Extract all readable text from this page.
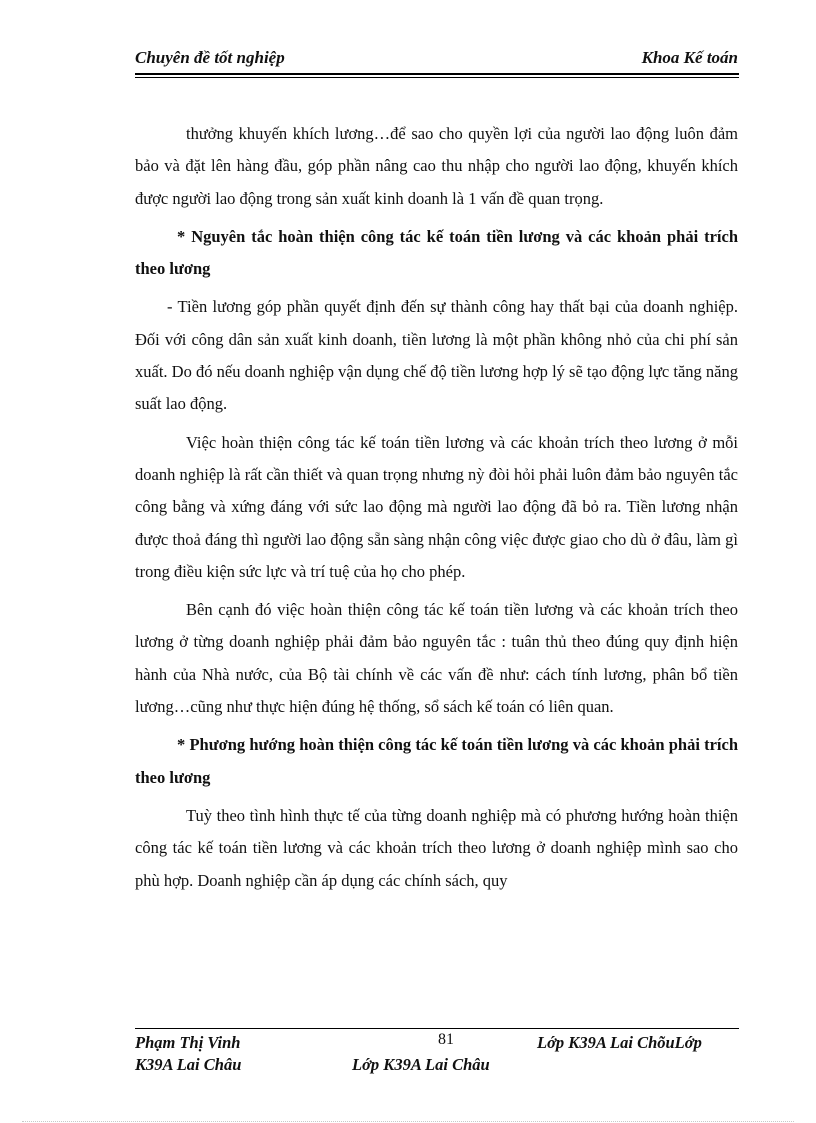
Chuyên đề tốt nghiệp	Khoa Kế toán

thưởng khuyến khích lương…để sao cho quyền lợi của người lao động luôn đảm bảo và đặt lên hàng đầu, góp phần nâng cao thu nhập cho người lao động, khuyến khích được người lao động trong sản xuất kinh doanh là 1 vấn đề quan trọng.

* Nguyên tắc hoàn thiện công tác kế toán tiền lương và các khoản phải trích theo lương

- Tiền lương góp phần quyết định đến sự thành công hay thất bại của doanh nghiệp. Đối với công dân sản xuất kinh doanh, tiền lương là một phần không nhỏ của chi phí sản xuất. Do đó nếu doanh nghiệp vận dụng chế độ tiền lương hợp lý sẽ tạo động lực tăng năng suất lao động.

Việc hoàn thiện công tác kế toán tiền lương và các khoản trích theo lương ở mỗi doanh nghiệp là rất cần thiết và quan trọng nhưng nỳ đòi hỏi phải luôn đảm bảo nguyên tắc công bằng và xứng đáng với sức lao động mà người lao động đã bỏ ra. Tiền lương nhận được thoả đáng thì người lao động sẵn sàng nhận công việc được giao cho dù ở đâu, làm gì trong điều kiện sức lực và trí tuệ của họ cho phép.

Bên cạnh đó việc hoàn thiện công tác kế toán tiền lương và các khoản trích theo lương ở từng doanh nghiệp phải đảm bảo nguyên tắc : tuân thủ theo đúng quy định hiện hành của Nhà nước, của Bộ tài chính về các vấn đề như: cách tính lương, phân bổ tiền lương…cũng như thực hiện đúng hệ thống, sổ sách kế toán có liên quan.

* Phương hướng hoàn thiện công tác kế toán tiền lương và các khoản phải trích theo lương

Tuỳ theo tình hình thực tế của từng doanh nghiệp mà có phương hướng hoàn thiện công tác kế toán tiền lương và các khoản trích theo lương ở doanh nghiệp mình sao cho phù hợp. Doanh nghiệp cần áp dụng các chính sách, quy

Phạm Thị Vinh	81	Lớp K39A Lai ChõuLớp
K39A Lai Châu	Lớp K39A Lai Châu
